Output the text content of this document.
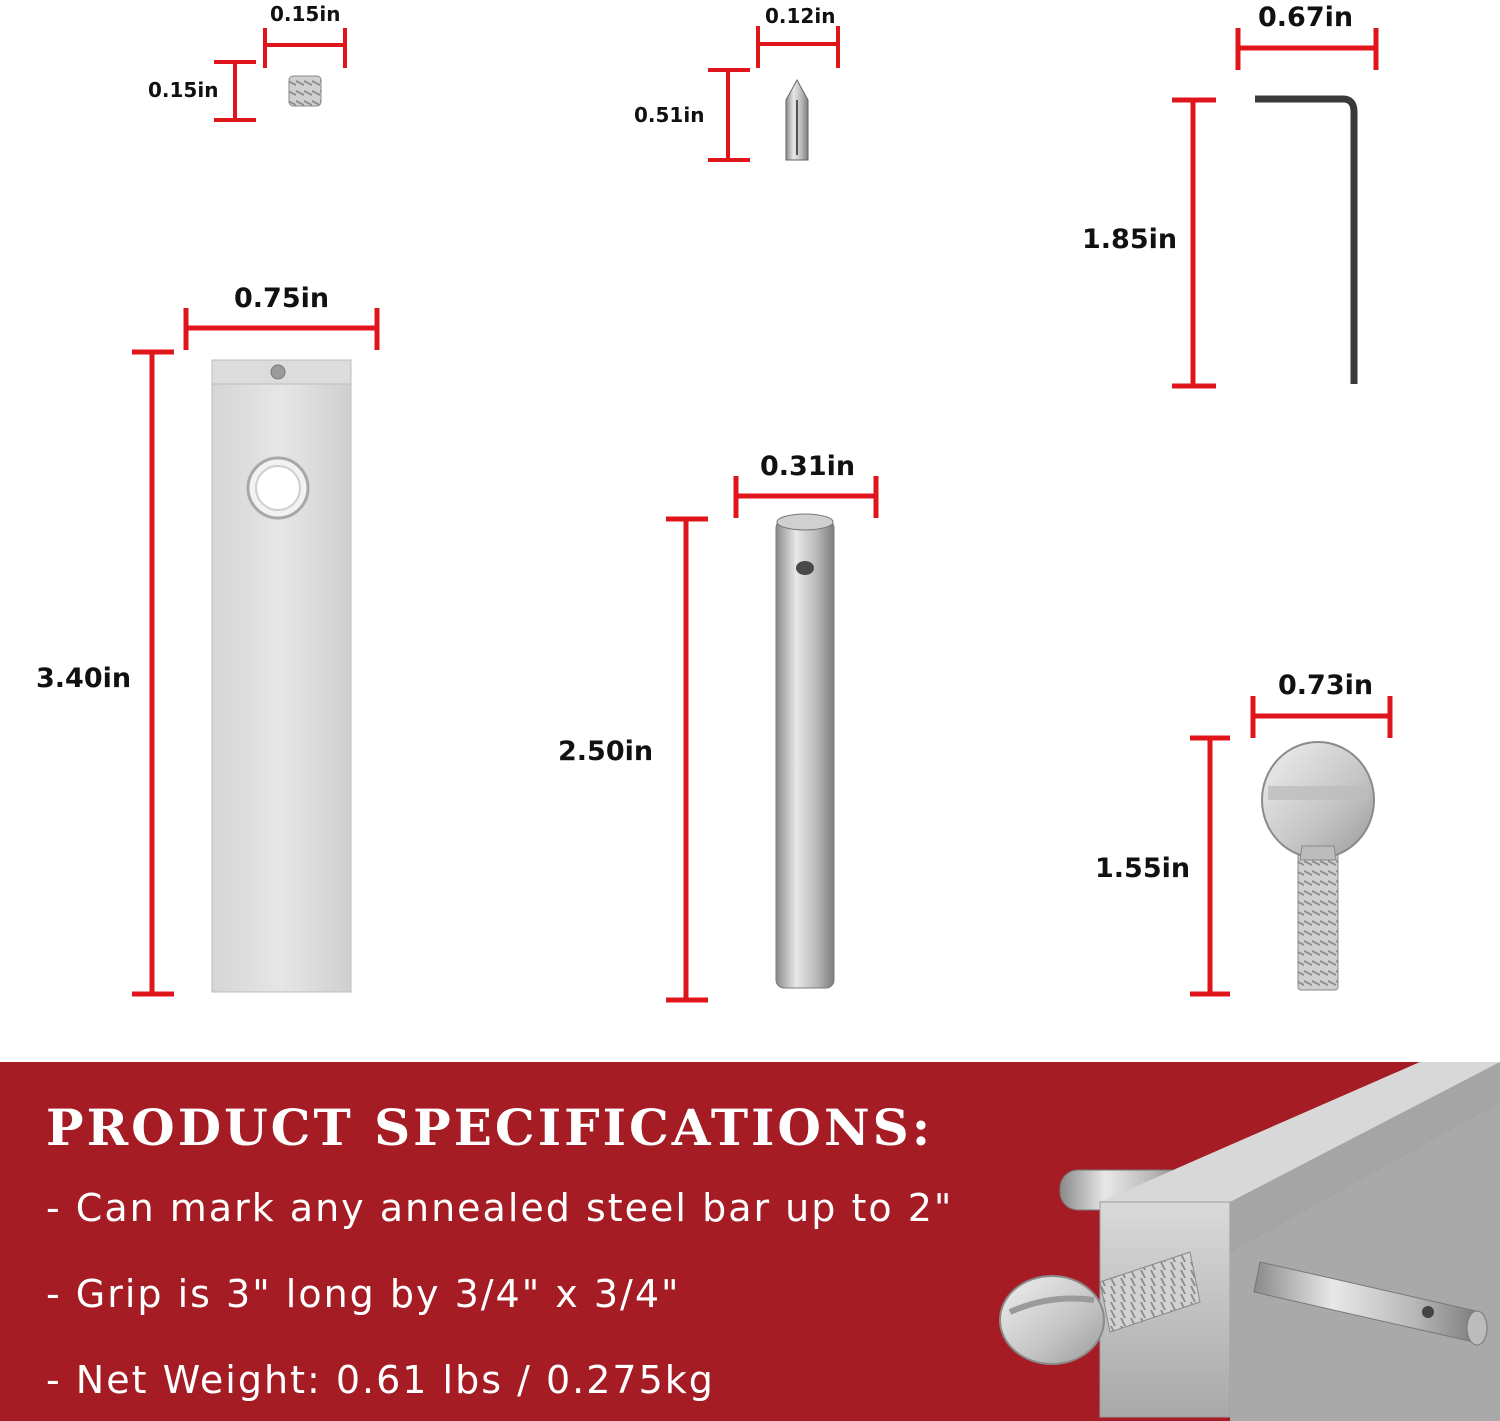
0.15in
0.15in
0.12in
0.51in
0.67in
1.85in
0.75in
3.40in
0.31in
2.50in
0.73in
1.55in
PRODUCT SPECIFICATIONS:
- Can mark any annealed steel bar up to 2"
- Grip is 3" long by 3/4" x 3/4"
- Net Weight: 0.61 lbs / 0.275kg
